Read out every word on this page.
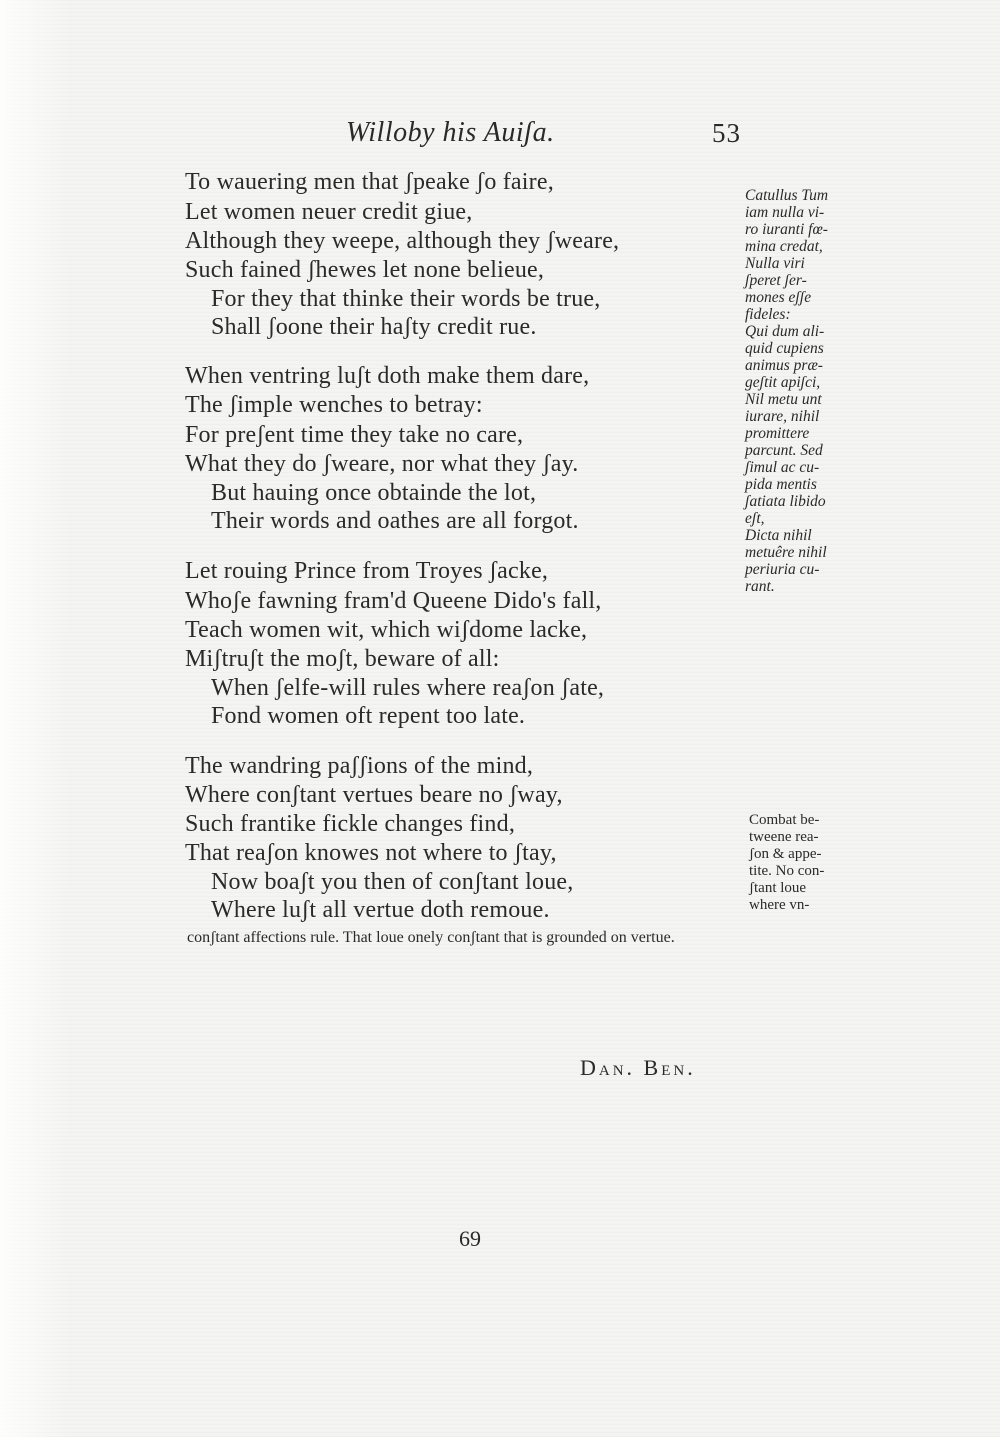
Willoby his Auiʃa.	53
To wauering men that ʃpeake ʃo faire,
Let women neuer credit giue,
Although they weepe, although they ʃweare,
Such fained ʃhewes let none belieue,
For they that thinke their words be true,
Shall ʃoone their haʃty credit rue.
When ventring luʃt doth make them dare,
The ʃimple wenches to betray:
For preʃent time they take no care,
What they do ʃweare, nor what they ʃay.
But hauing once obtainde the lot,
Their words and oathes are all forgot.
Let rouing Prince from Troyes ʃacke,
Whoʃe fawning fram'd Queene Dido's fall,
Teach women wit, which wiʃdome lacke,
Miʃtruʃt the moʃt, beware of all:
When ʃelfe-will rules where reaʃon ʃate,
Fond women oft repent too late.
The wandring paʃʃions of the mind,
Where conʃtant vertues beare no ʃway,
Such frantike fickle changes find,
That reaʃon knowes not where to ʃtay,
Now boaʃt you then of conʃtant loue,
Where luʃt all vertue doth remoue.
Catullus Tum
iam nulla vi-
ro iuranti fœ-
mina credat,
Nulla viri
ʃperet ʃer-
mones eʃʃe
fideles:
Qui dum ali-
quid cupiens
animus præ-
geʃtit apiʃci,
Nil metu unt
iurare, nihil
promittere
parcunt. Sed
ʃimul ac cu-
pida mentis
ʃatiata libido
eʃt,
Dicta nihil
metuêre nihil
periuria cu-
rant.
Combat be-
tweene rea-
ʃon & appe-
tite. No con-
ʃtant loue
where vn-
conʃtant affections rule. That loue onely conʃtant that is grounded on vertue.
Dan. Ben.
69
